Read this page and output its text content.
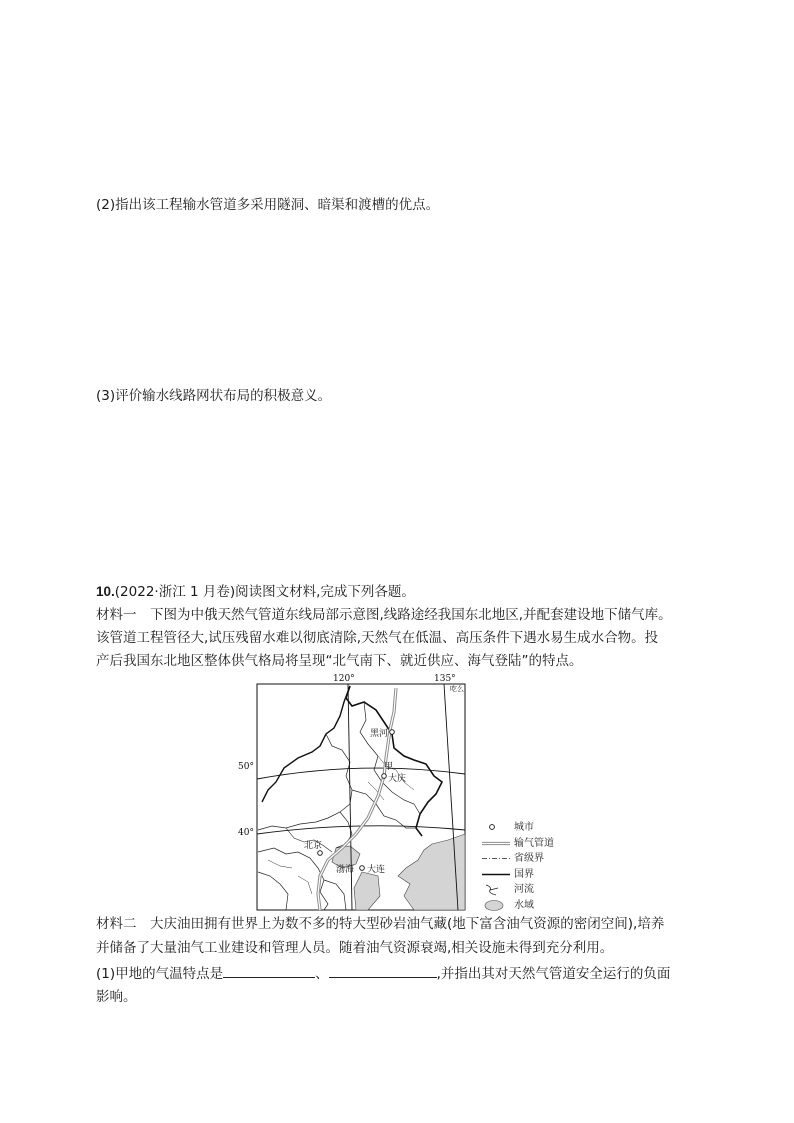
(2)指出该工程输水管道多采用隧洞、暗渠和渡槽的优点。
(3)评价输水线路网状布局的积极意义。
10.(2022·浙江 1 月卷)阅读图文材料,完成下列各题。
材料一　下图为中俄天然气管道东线局部示意图,线路途经我国东北地区,并配套建设地下储气库。
该管道工程管径大,试压残留水难以彻底清除,天然气在低温、高压条件下遇水易生成水合物。投
产后我国东北地区整体供气格局将呈现“北气南下、就近供应、海气登陆”的特点。
120°	135°
吃么
50°
40°
黑河
甲
大庆
北京
渤海 大连
城市
输气管道
省级界
国界
河流
水域
材料二　大庆油田拥有世界上为数不多的特大型砂岩油气藏(地下富含油气资源的密闭空间),培养
并储备了大量油气工业建设和管理人员。随着油气资源衰竭,相关设施未得到充分利用。
(1)甲地的气温特点是	、	,并指出其对天然气管道安全运行的负面
影响。
